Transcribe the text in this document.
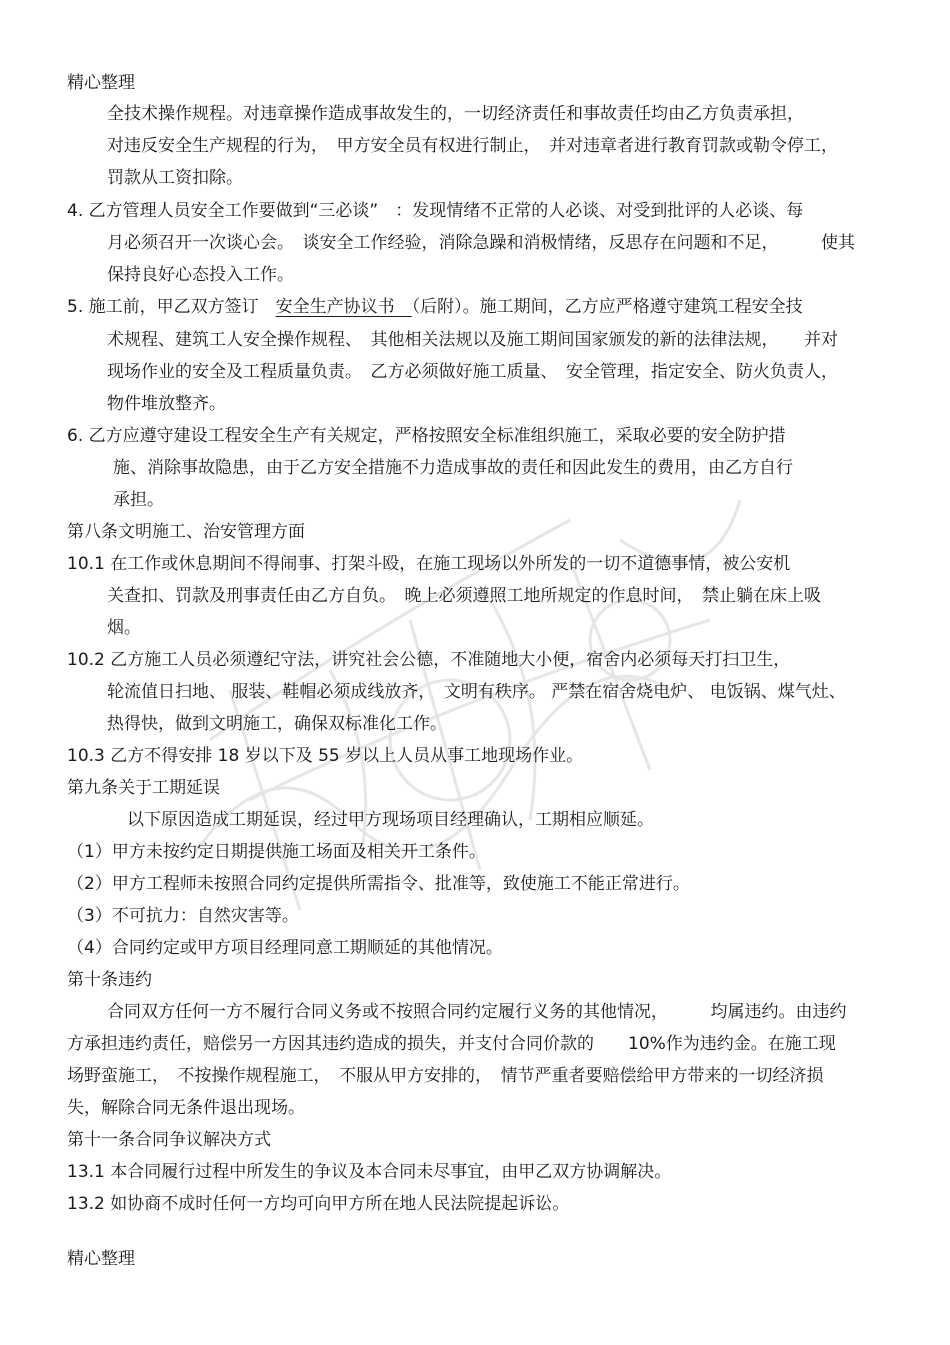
精心整理
全技术操作规程。对违章操作造成事故发生的，一切经济责任和事故责任均由乙方负责承担，
对违反安全生产规程的行为，　甲方安全员有权进行制止，　并对违章者进行教育罚款或勒令停工，
罚款从工资扣除。
4. 乙方管理人员安全工作要做到“三必谈”　：发现情绪不正常的人必谈、对受到批评的人必谈、每
月必须召开一次谈心会。　谈安全工作经验，消除急躁和消极情绪，反思存在问题和不足，　　　使其
保持良好心态投入工作。
5. 施工前，甲乙双方签订　安全生产协议书　（后附）。施工期间，乙方应严格遵守建筑工程安全技
术规程、建筑工人安全操作规程、　其他相关法规以及施工期间国家颁发的新的法律法规，　　并对
现场作业的安全及工程质量负责。　乙方必须做好施工质量、　安全管理，指定安全、防火负责人，
物件堆放整齐。
6. 乙方应遵守建设工程安全生产有关规定，严格按照安全标准组织施工，采取必要的安全防护措
施、消除事故隐患，由于乙方安全措施不力造成事故的责任和因此发生的费用，由乙方自行
承担。
第八条文明施工、治安管理方面
10.1 在工作或休息期间不得闹事、打架斗殴，在施工现场以外所发的一切不道德事情，被公安机
关查扣、罚款及刑事责任由乙方自负。　晚上必须遵照工地所规定的作息时间，　禁止躺在床上吸
烟。
10.2 乙方施工人员必须遵纪守法，讲究社会公德，不准随地大小便，宿舍内必须每天打扫卫生，
轮流值日扫地、 服装、鞋帽必须成线放齐，　文明有秩序。 严禁在宿舍烧电炉、 电饭锅、煤气灶、
热得快，做到文明施工，确保双标准化工作。
10.3 乙方不得安排 18 岁以下及 55 岁以上人员从事工地现场作业。
第九条关于工期延误
以下原因造成工期延误，经过甲方现场项目经理确认，工期相应顺延。
（1）甲方未按约定日期提供施工场面及相关开工条件。
（2）甲方工程师未按照合同约定提供所需指令、批准等，致使施工不能正常进行。
（3）不可抗力：自然灾害等。
（4）合同约定或甲方项目经理同意工期顺延的其他情况。
第十条违约
合同双方任何一方不履行合同义务或不按照合同约定履行义务的其他情况，　　　均属违约。由违约
方承担违约责任，赔偿另一方因其违约造成的损失，并支付合同价款的　　10%作为违约金。在施工现
场野蛮施工，　不按操作规程施工，　不服从甲方安排的，　情节严重者要赔偿给甲方带来的一切经济损
失，解除合同无条件退出现场。
第十一条合同争议解决方式
13.1 本合同履行过程中所发生的争议及本合同未尽事宜，由甲乙双方协调解决。
13.2 如协商不成时任何一方均可向甲方所在地人民法院提起诉讼。
精心整理
